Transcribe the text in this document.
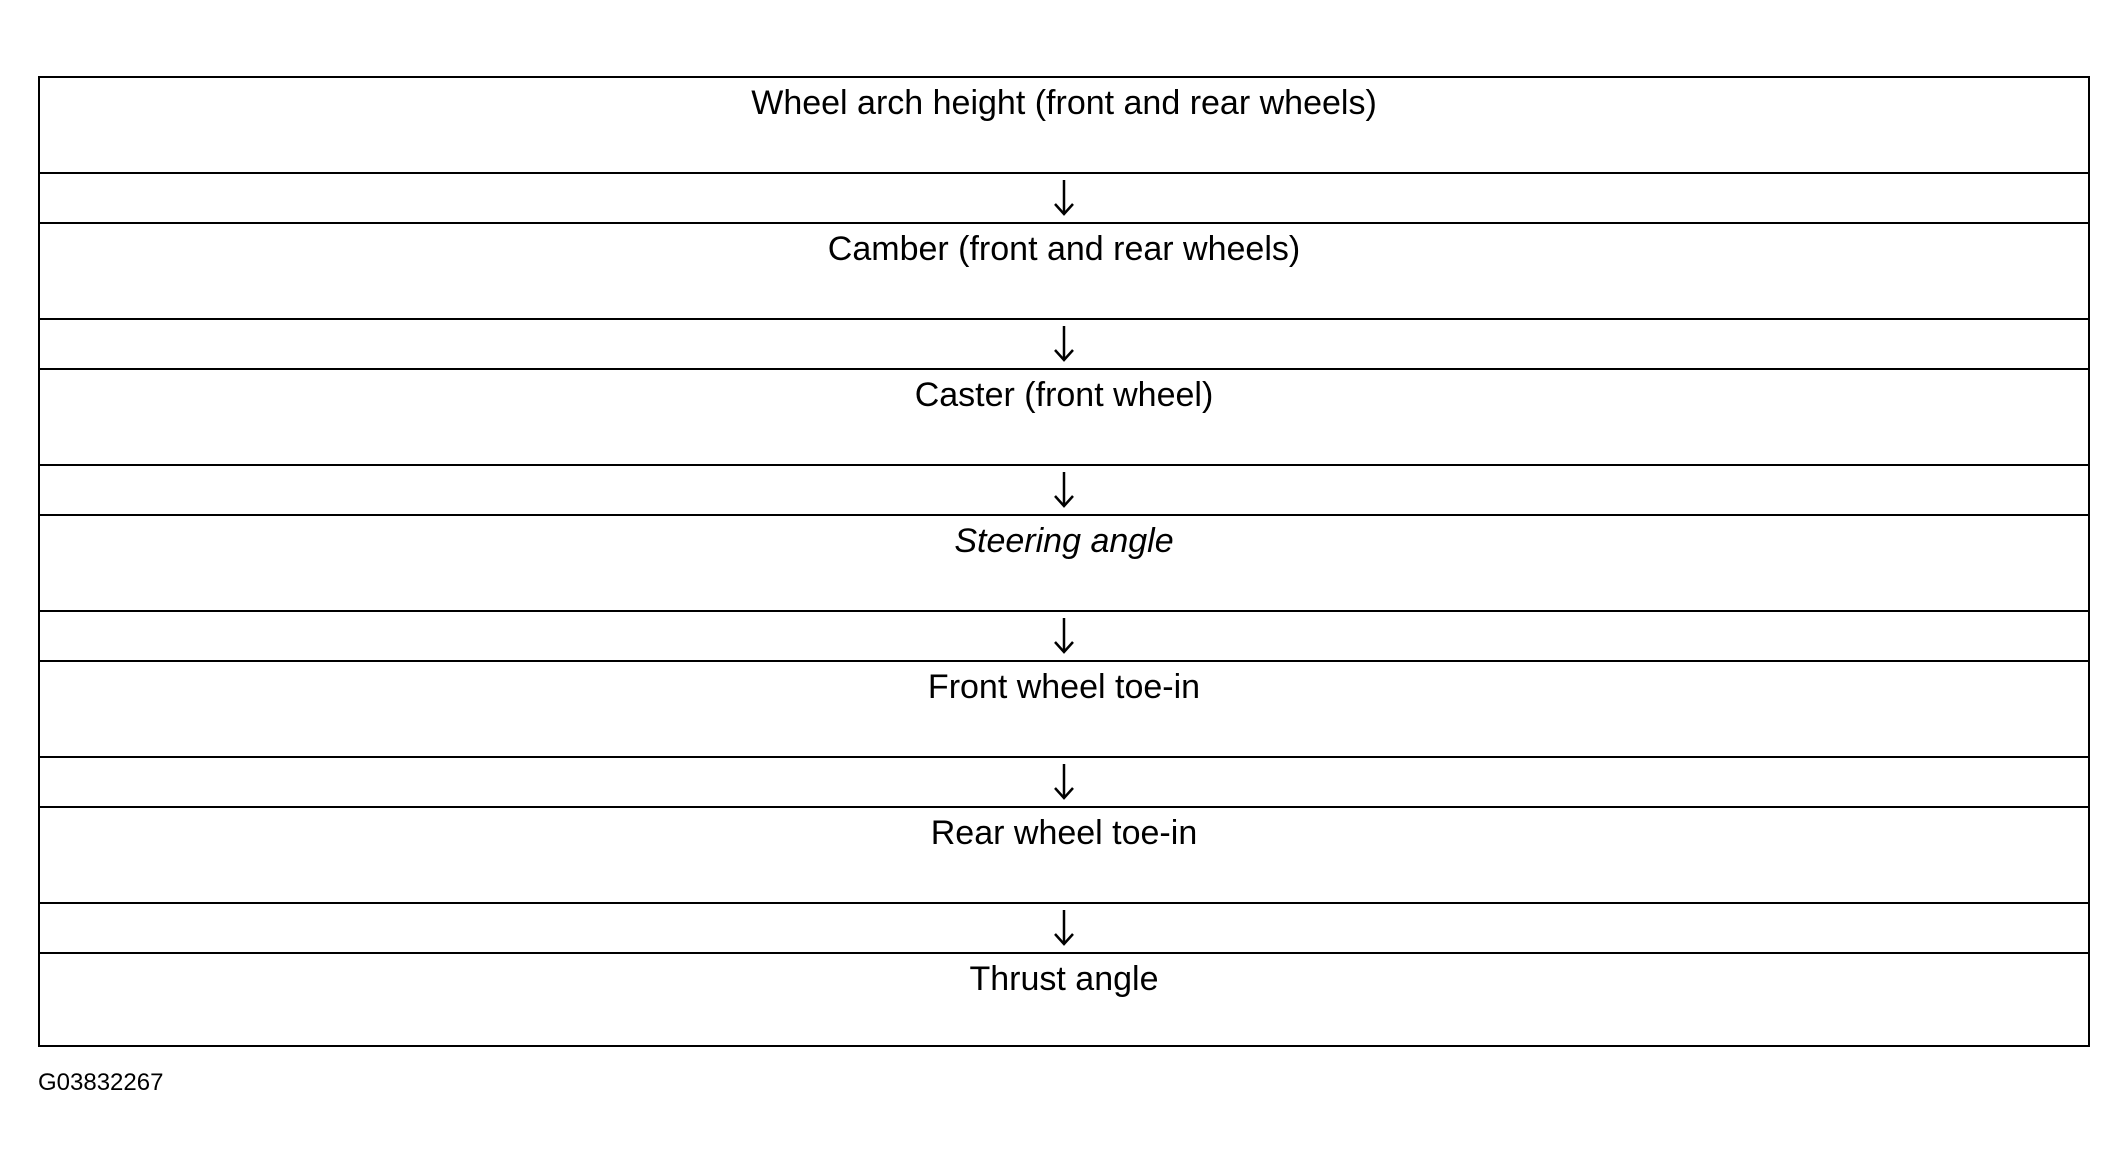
Wheel arch height (front and rear wheels)
Camber (front and rear wheels)
Caster (front wheel)
Steering angle
Front wheel toe-in
Rear wheel toe-in
Thrust angle
G03832267
